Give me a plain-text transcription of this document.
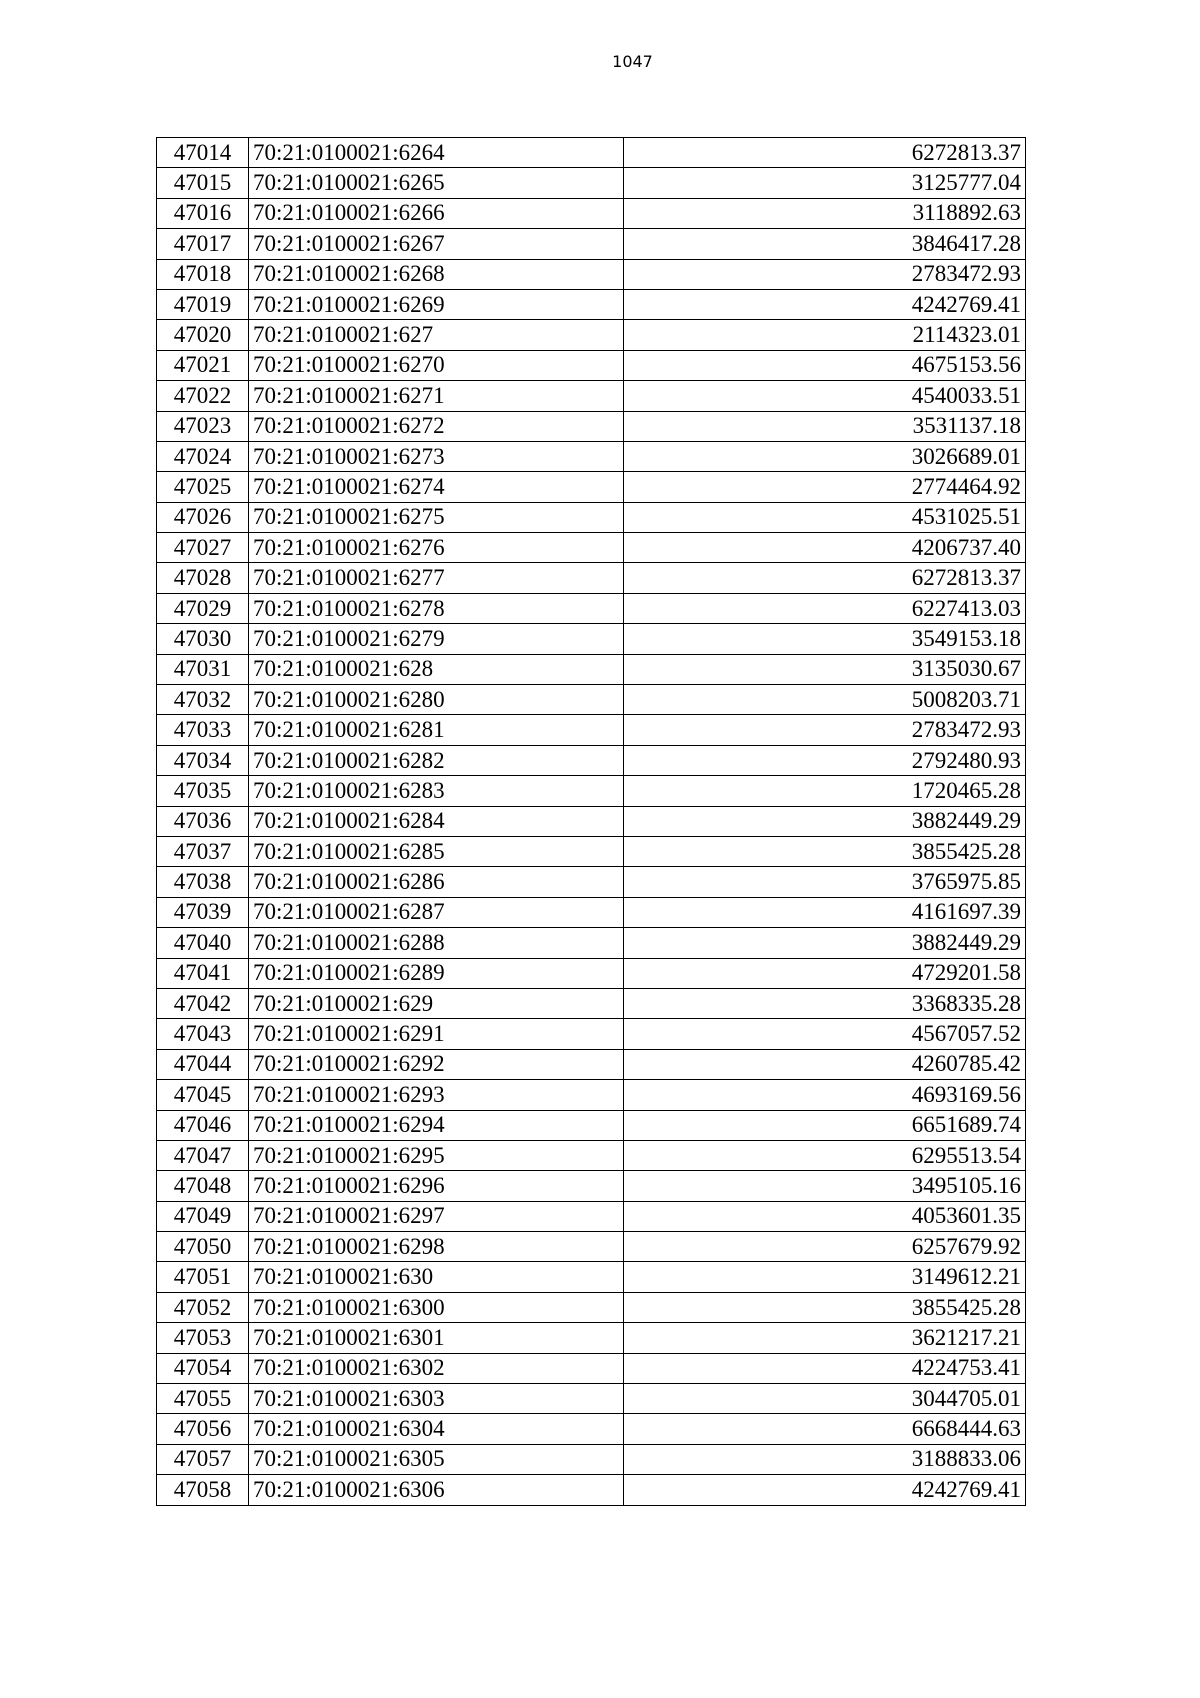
1047
47014	70:21:0100021:6264	6272813.37
47015	70:21:0100021:6265	3125777.04
47016	70:21:0100021:6266	3118892.63
47017	70:21:0100021:6267	3846417.28
47018	70:21:0100021:6268	2783472.93
47019	70:21:0100021:6269	4242769.41
47020	70:21:0100021:627	2114323.01
47021	70:21:0100021:6270	4675153.56
47022	70:21:0100021:6271	4540033.51
47023	70:21:0100021:6272	3531137.18
47024	70:21:0100021:6273	3026689.01
47025	70:21:0100021:6274	2774464.92
47026	70:21:0100021:6275	4531025.51
47027	70:21:0100021:6276	4206737.40
47028	70:21:0100021:6277	6272813.37
47029	70:21:0100021:6278	6227413.03
47030	70:21:0100021:6279	3549153.18
47031	70:21:0100021:628	3135030.67
47032	70:21:0100021:6280	5008203.71
47033	70:21:0100021:6281	2783472.93
47034	70:21:0100021:6282	2792480.93
47035	70:21:0100021:6283	1720465.28
47036	70:21:0100021:6284	3882449.29
47037	70:21:0100021:6285	3855425.28
47038	70:21:0100021:6286	3765975.85
47039	70:21:0100021:6287	4161697.39
47040	70:21:0100021:6288	3882449.29
47041	70:21:0100021:6289	4729201.58
47042	70:21:0100021:629	3368335.28
47043	70:21:0100021:6291	4567057.52
47044	70:21:0100021:6292	4260785.42
47045	70:21:0100021:6293	4693169.56
47046	70:21:0100021:6294	6651689.74
47047	70:21:0100021:6295	6295513.54
47048	70:21:0100021:6296	3495105.16
47049	70:21:0100021:6297	4053601.35
47050	70:21:0100021:6298	6257679.92
47051	70:21:0100021:630	3149612.21
47052	70:21:0100021:6300	3855425.28
47053	70:21:0100021:6301	3621217.21
47054	70:21:0100021:6302	4224753.41
47055	70:21:0100021:6303	3044705.01
47056	70:21:0100021:6304	6668444.63
47057	70:21:0100021:6305	3188833.06
47058	70:21:0100021:6306	4242769.41
